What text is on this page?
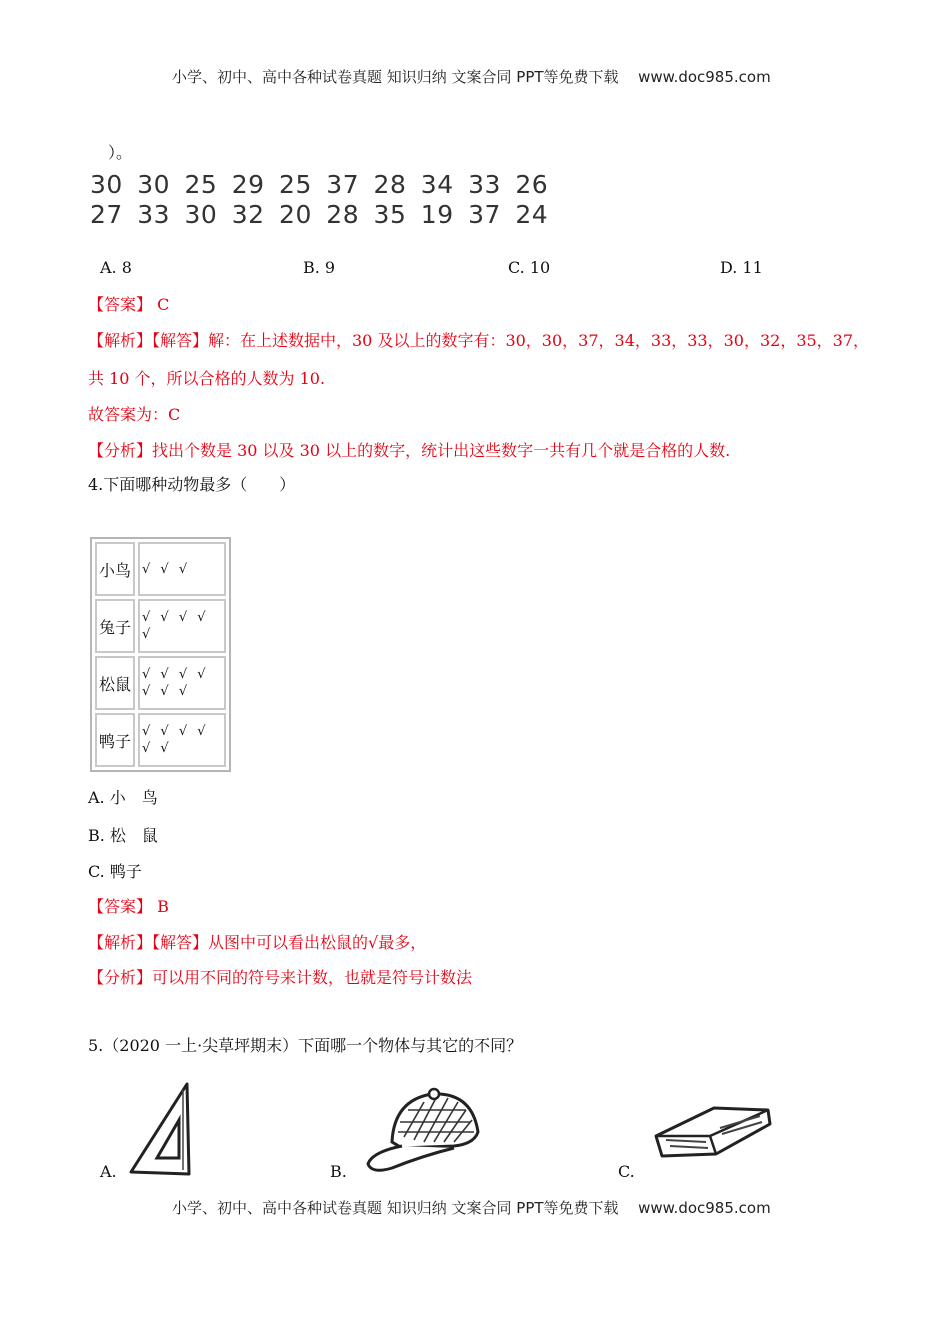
小学、初中、高中各种试卷真题 知识归纳 文案合同 PPT等免费下载 www.doc985.com
）。
30 30 25 29 25 37 28 34 33 26
27 33 30 32 20 28 35 19 37 24
A. 8	B. 9	C. 10	D. 11
【答案】 C
【解析】【解答】解：在上述数据中，30 及以上的数字有：30，30，37，34，33，33，30，32，35，37，
共 10 个，所以合格的人数为 10.
故答案为：C
【分析】找出个数是 30 以及 30 以上的数字，统计出这些数字一共有几个就是合格的人数.
4.下面哪种动物最多（　　）
小鸟	√ √ √
兔子	√ √ √ √ √
松鼠	√ √ √ √ √ √ √
鸭子	√ √ √ √ √ √
A. 小　鸟
B. 松　鼠
C. 鸭子
【答案】 B
【解析】【解答】从图中可以看出松鼠的√最多，
【分析】可以用不同的符号来计数，也就是符号计数法
5.（2020 一上·尖草坪期末）下面哪一个物体与其它的不同？
A.	B.	C.
小学、初中、高中各种试卷真题 知识归纳 文案合同 PPT等免费下载 www.doc985.com
